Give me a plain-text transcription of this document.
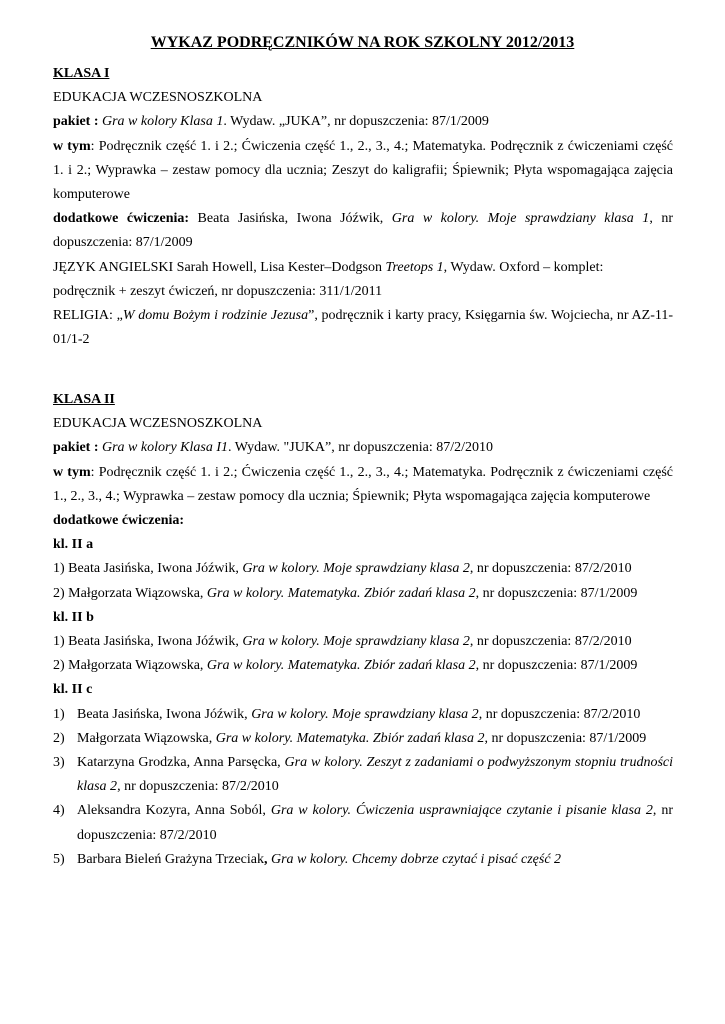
WYKAZ PODRĘCZNIKÓW NA ROK SZKOLNY 2012/2013

KLASA I

EDUKACJA WCZESNOSZKOLNA

pakiet : Gra w kolory Klasa 1. Wydaw. „JUKA”, nr dopuszczenia: 87/1/2009

w tym: Podręcznik część 1. i 2.; Ćwiczenia część 1., 2., 3., 4.; Matematyka. Podręcznik z ćwiczeniami część 1. i 2.; Wyprawka – zestaw pomocy dla ucznia; Zeszyt do kaligrafii; Śpiewnik; Płyta wspomagająca zajęcia komputerowe

dodatkowe ćwiczenia: Beata Jasińska, Iwona Jóźwik, Gra w kolory. Moje sprawdziany klasa 1, nr dopuszczenia: 87/1/2009

JĘZYK ANGIELSKI Sarah Howell, Lisa Kester–Dodgson Treetops 1, Wydaw. Oxford – komplet:

podręcznik + zeszyt ćwiczeń, nr dopuszczenia: 311/1/2011

RELIGIA: „W domu Bożym i rodzinie Jezusa”, podręcznik i karty pracy, Księgarnia św. Wojciecha, nr AZ-11-01/1-2

KLASA II

EDUKACJA WCZESNOSZKOLNA

pakiet : Gra w kolory Klasa I1. Wydaw. "JUKA”, nr dopuszczenia: 87/2/2010

w tym: Podręcznik część 1. i 2.; Ćwiczenia część 1., 2., 3., 4.; Matematyka. Podręcznik z ćwiczeniami część 1., 2., 3., 4.; Wyprawka – zestaw pomocy dla ucznia; Śpiewnik; Płyta wspomagająca zajęcia komputerowe

dodatkowe ćwiczenia:

kl. II a

1) Beata Jasińska, Iwona Jóźwik, Gra w kolory. Moje sprawdziany klasa 2, nr dopuszczenia: 87/2/2010

2) Małgorzata Wiązowska, Gra w kolory. Matematyka. Zbiór zadań klasa 2, nr dopuszczenia: 87/1/2009

kl. II b

1) Beata Jasińska, Iwona Jóźwik, Gra w kolory. Moje sprawdziany klasa 2, nr dopuszczenia: 87/2/2010

2) Małgorzata Wiązowska, Gra w kolory. Matematyka. Zbiór zadań klasa 2, nr dopuszczenia: 87/1/2009

kl. II c

1) Beata Jasińska, Iwona Jóźwik, Gra w kolory. Moje sprawdziany klasa 2, nr dopuszczenia: 87/2/2010
2) Małgorzata Wiązowska, Gra w kolory. Matematyka. Zbiór zadań klasa 2, nr dopuszczenia: 87/1/2009
3) Katarzyna Grodzka, Anna Parsęcka, Gra w kolory. Zeszyt z zadaniami o podwyższonym stopniu trudności klasa 2, nr dopuszczenia: 87/2/2010
4) Aleksandra Kozyra, Anna Soból, Gra w kolory. Ćwiczenia usprawniające czytanie i pisanie klasa 2, nr dopuszczenia: 87/2/2010
5) Barbara Bieleń Grażyna Trzeciak, Gra w kolory. Chcemy dobrze czytać i pisać część 2
